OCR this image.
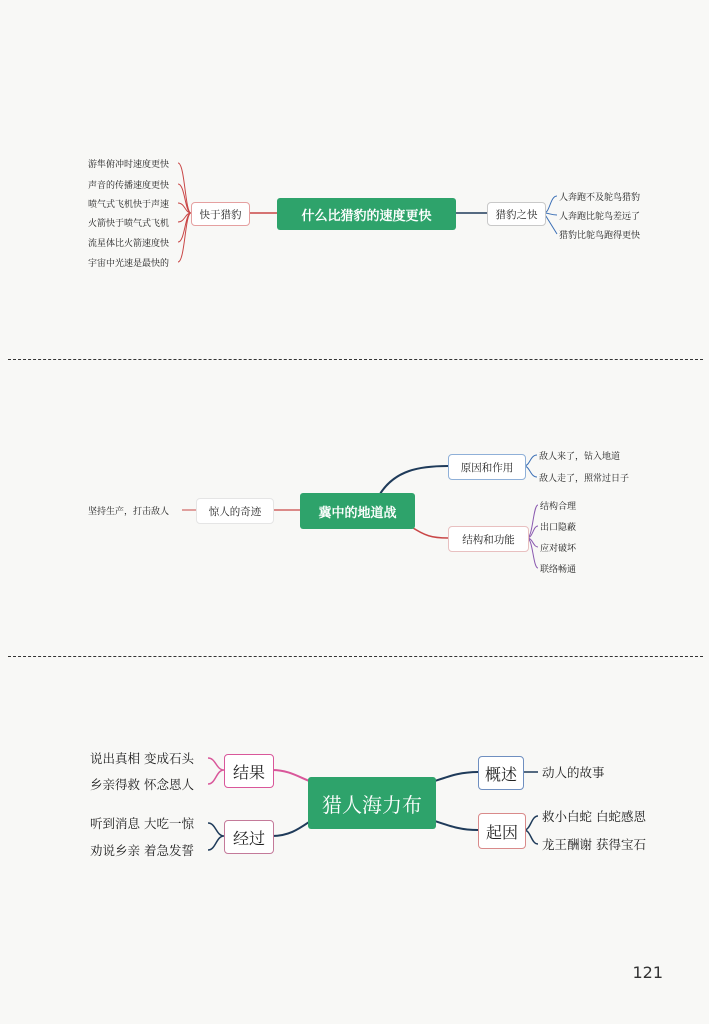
什么比猎豹的速度更快
快于猎豹	猎豹之快
游隼俯冲时速度更快
声音的传播速度更快
喷气式飞机快于声速
火箭快于喷气式飞机
流星体比火箭速度快
宇宙中光速是最快的
人奔跑不及鸵鸟猎豹
人奔跑比鸵鸟差远了
猎豹比鸵鸟跑得更快
冀中的地道战
惊人的奇迹
坚持生产，打击敌人
原因和作用
结构和功能
敌人来了，钻入地道
敌人走了，照常过日子
结构合理
出口隐蔽
应对破坏
联络畅通
猎人海力布
结果
经过
概述
起因
说出真相 变成石头
乡亲得救 怀念恩人
听到消息 大吃一惊
劝说乡亲 着急发誓
动人的故事
救小白蛇 白蛇感恩
龙王酬谢 获得宝石
121
